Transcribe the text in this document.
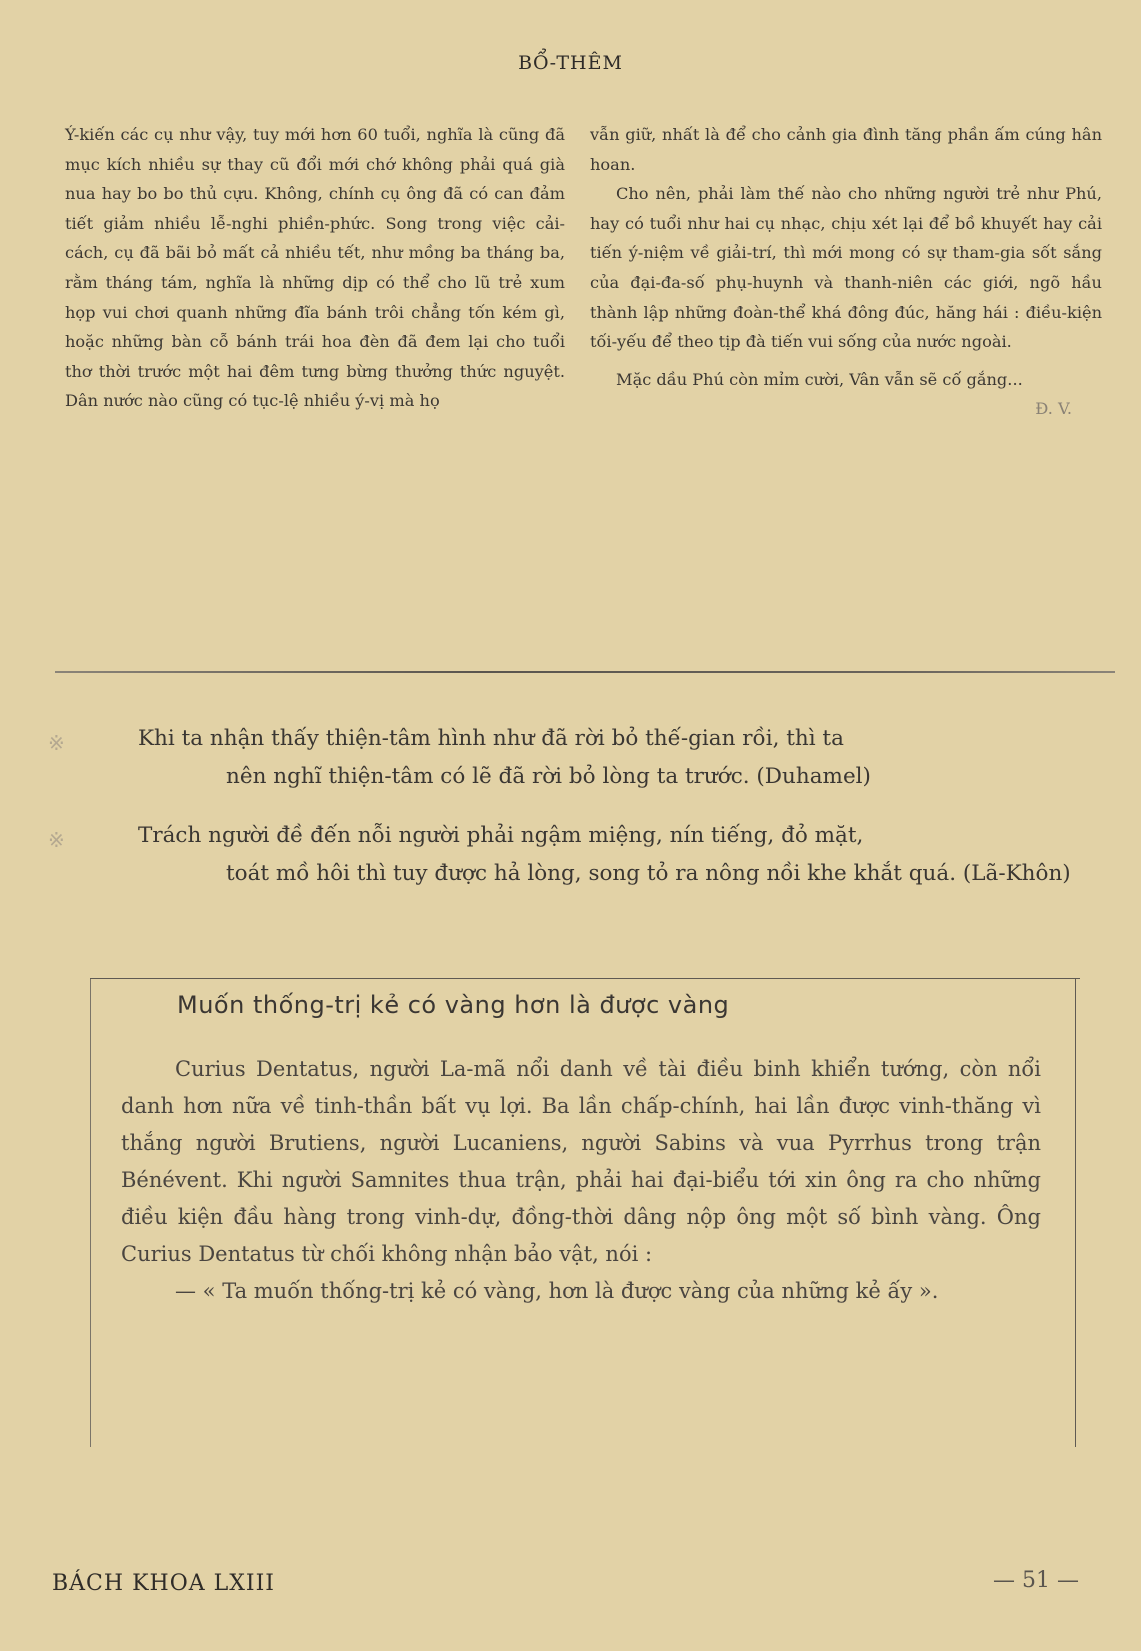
BỔ-THÊM

Ý-kiến các cụ như vậy, tuy mới hơn 60 tuổi, nghĩa là cũng đã mục kích nhiều sự thay cũ đổi mới chớ không phải quá già nua hay bo bo thủ cựu. Không, chính cụ ông đã có can đảm tiết giảm nhiều lễ-nghi phiền-phức. Song trong việc cải-cách, cụ đã bãi bỏ mất cả nhiều tết, như mồng ba tháng ba, rằm tháng tám, nghĩa là những dịp có thể cho lũ trẻ xum họp vui chơi quanh những đĩa bánh trôi chẳng tốn kém gì, hoặc những bàn cỗ bánh trái hoa đèn đã đem lại cho tuổi thơ thời trước một hai đêm tưng bừng thưởng thức nguyệt. Dân nước nào cũng có tục-lệ nhiều ý-vị mà họ

vẫn giữ, nhất là để cho cảnh gia đình tăng phần ấm cúng hân hoan.

Cho nên, phải làm thế nào cho những người trẻ như Phú, hay có tuổi như hai cụ nhạc, chịu xét lại để bồ khuyết hay cải tiến ý-niệm về giải-trí, thì mới mong có sự tham-gia sốt sắng của đại-đa-số phụ-huynh và thanh-niên các giới, ngõ hầu thành lập những đoàn-thể khá đông đúc, hăng hái : điều-kiện tối-yếu để theo tịp đà tiến vui sống của nước ngoài.

Mặc dầu Phú còn mỉm cười, Vân vẫn sẽ cố gắng...

Đ. V.

※	Khi ta nhận thấy thiện-tâm hình như đã rời bỏ thế-gian rồi, thì ta
nên nghĩ thiện-tâm có lẽ đã rời bỏ lòng ta trước. (Duhamel)
※	Trách người đề đến nỗi người phải ngậm miệng, nín tiếng, đỏ mặt,
toát mồ hôi thì tuy được hả lòng, song tỏ ra nông nồi khe khắt quá. (Lã-Khôn)
Muốn thống-trị kẻ có vàng hơn là được vàng

Curius Dentatus, người La-mã nổi danh về tài điều binh khiển tướng, còn nổi danh hơn nữa về tinh-thần bất vụ lợi. Ba lần chấp-chính, hai lần được vinh-thăng vì thắng người Brutiens, người Lucaniens, người Sabins và vua Pyrrhus trong trận Bénévent. Khi người Samnites thua trận, phải hai đại-biểu tới xin ông ra cho những điều kiện đầu hàng trong vinh-dự, đồng-thời dâng nộp ông một số bình vàng. Ông Curius Dentatus từ chối không nhận bảo vật, nói :

— « Ta muốn thống-trị kẻ có vàng, hơn là được vàng của những kẻ ấy ».

BÁCH KHOA LXIII	— 51 —
